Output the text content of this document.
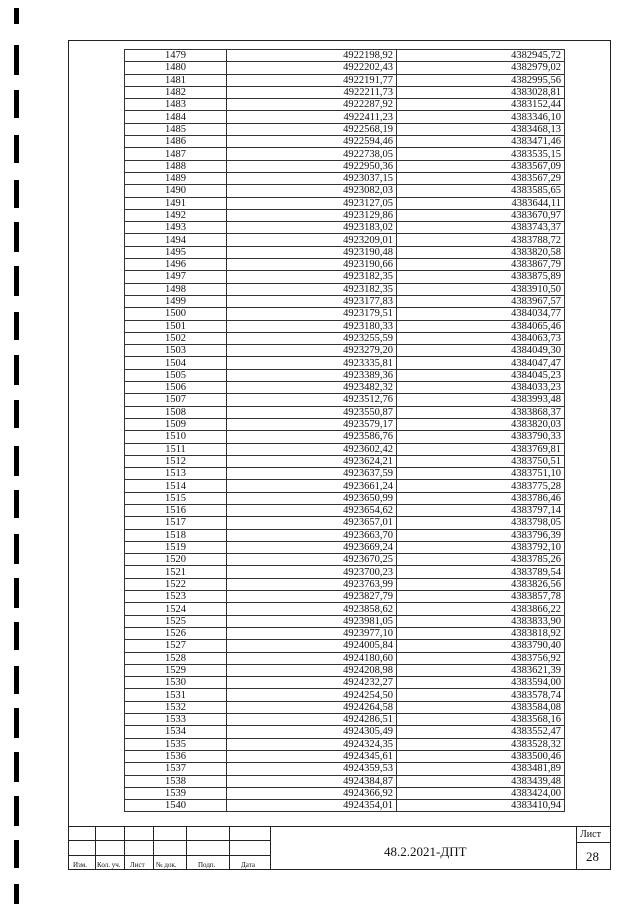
1479	4922198,92	4382945,72
1480	4922202,43	4382979,02
1481	4922191,77	4382995,56
1482	4922211,73	4383028,81
1483	4922287,92	4383152,44
1484	4922411,23	4383346,10
1485	4922568,19	4383468,13
1486	4922594,46	4383471,46
1487	4922738,05	4383535,15
1488	4922950,36	4383567,09
1489	4923037,15	4383567,29
1490	4923082,03	4383585,65
1491	4923127,05	4383644,11
1492	4923129,86	4383670,97
1493	4923183,02	4383743,37
1494	4923209,01	4383788,72
1495	4923190,48	4383820,58
1496	4923190,66	4383867,79
1497	4923182,35	4383875,89
1498	4923182,35	4383910,50
1499	4923177,83	4383967,57
1500	4923179,51	4384034,77
1501	4923180,33	4384065,46
1502	4923255,59	4384063,73
1503	4923279,20	4384049,30
1504	4923335,81	4384047,47
1505	4923389,36	4384045,23
1506	4923482,32	4384033,23
1507	4923512,76	4383993,48
1508	4923550,87	4383868,37
1509	4923579,17	4383820,03
1510	4923586,76	4383790,33
1511	4923602,42	4383769,81
1512	4923624,21	4383750,51
1513	4923637,59	4383751,10
1514	4923661,24	4383775,28
1515	4923650,99	4383786,46
1516	4923654,62	4383797,14
1517	4923657,01	4383798,05
1518	4923663,70	4383796,39
1519	4923669,24	4383792,10
1520	4923670,25	4383785,26
1521	4923700,23	4383789,54
1522	4923763,99	4383826,56
1523	4923827,79	4383857,78
1524	4923858,62	4383866,22
1525	4923981,05	4383833,90
1526	4923977,10	4383818,92
1527	4924005,84	4383790,40
1528	4924180,60	4383756,92
1529	4924208,98	4383621,39
1530	4924232,27	4383594,00
1531	4924254,50	4383578,74
1532	4924264,58	4383584,08
1533	4924286,51	4383568,16
1534	4924305,49	4383552,47
1535	4924324,35	4383528,32
1536	4924345,61	4383500,46
1537	4924359,53	4383481,89
1538	4924384,87	4383439,48
1539	4924366,92	4383424,00
1540	4924354,01	4383410,94
Изм. Кол. уч. Лист № док.	Подп.	Дата
48.2.2021-ДПТ
Лист
28
